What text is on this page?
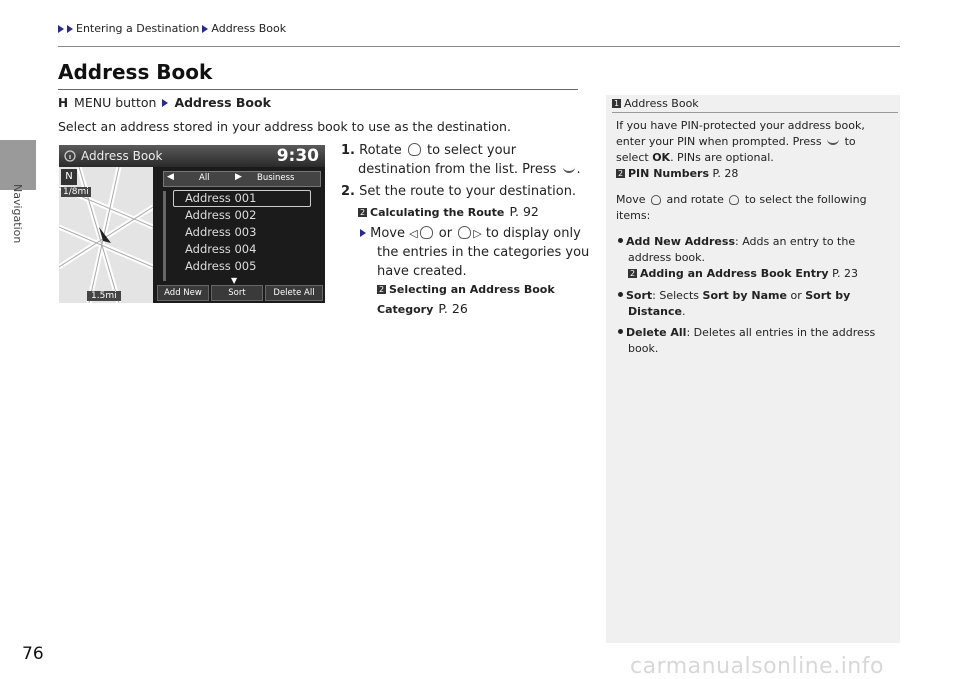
Navigation
Entering a Destination Address Book
Address Book
H MENU button Address Book
Select an address stored in your address book to use as the destination.
1. Rotate to select your
destination from the list. Press .
2. Set the route to your destination.
2 Calculating the Route P. 92
Move ◁ or ▷ to display only
the entries in the categories you
have created.
2 Selecting an Address Book
Category P. 26
Address Book	9:30
N
1/8mi
1.5mi
◀	All	▶ Business
Address 001
Address 002
Address 003
Address 004
Address 005
▼
Add New	Sort	Delete All
1 Address Book
If you have PIN-protected your address book,
enter your PIN when prompted. Press to
select OK. PINs are optional.
2 PIN Numbers P. 28
Move and rotate to select the following
items:
Add New Address: Adds an entry to the
address book.
2 Adding an Address Book Entry P. 23
Sort: Selects Sort by Name or Sort by
Distance.
Delete All: Deletes all entries in the address
book.
76	carmanualsonline.info
